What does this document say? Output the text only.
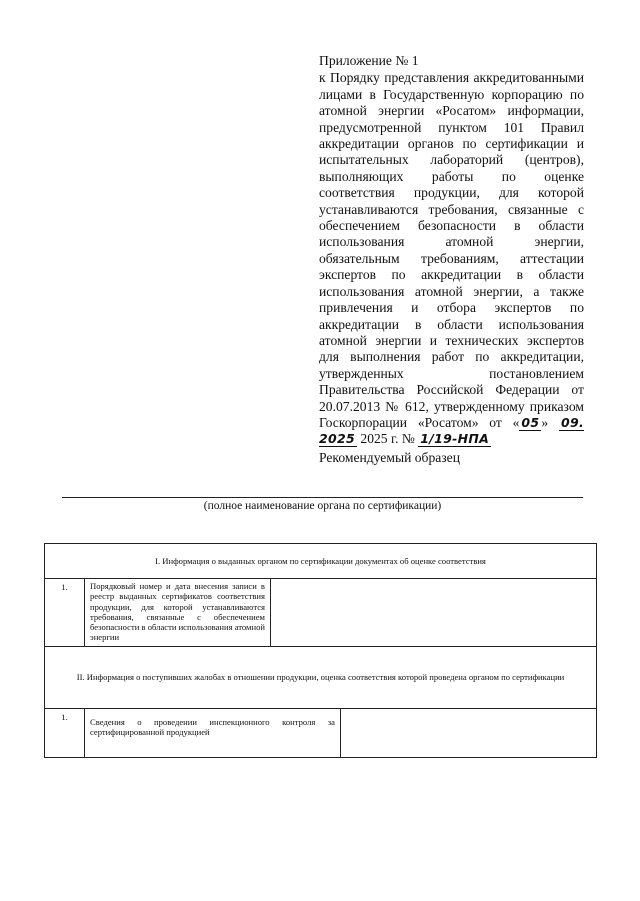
Приложение № 1
к Порядку представления аккредитованными лицами в Государственную корпорацию по атомной энергии «Росатом» информации, предусмотренной пунктом 101 Правил аккредитации органов по сертификации и испытательных лабораторий (центров), выполняющих работы по оценке соответствия продукции, для которой устанавливаются требования, связанные с обеспечением безопасности в области использования атомной энергии, обязательным требованиям, аттестации экспертов по аккредитации в области использования атомной энергии, а также привлечения и отбора экспертов по аккредитации в области использования атомной энергии и технических экспертов для выполнения работ по аккредитации, утвержденных постановлением Правительства Российской Федерации от 20.07.2013 № 612, утвержденному приказом Госкорпорации «Росатом» от « 05 » 09. 2025 2025 г. № 1/19-НПА
Рекомендуемый образец
(полное наименование органа по сертификации)
I. Информация о выданных органом по сертификации документах об оценке соответствия			
1.	Порядковый номер и дата внесения записи в реестр выданных сертификатов соответствия продукции, для которой устанавливаются требования, связанные с обеспечением безопасности в области использования атомной энергии		
II. Информация о поступивших жалобах в отношении продукции, оценка соответствия которой проведена органом по сертификации			
1.	Сведения о проведении инспекционного контроля за сертифицированной продукцией		
